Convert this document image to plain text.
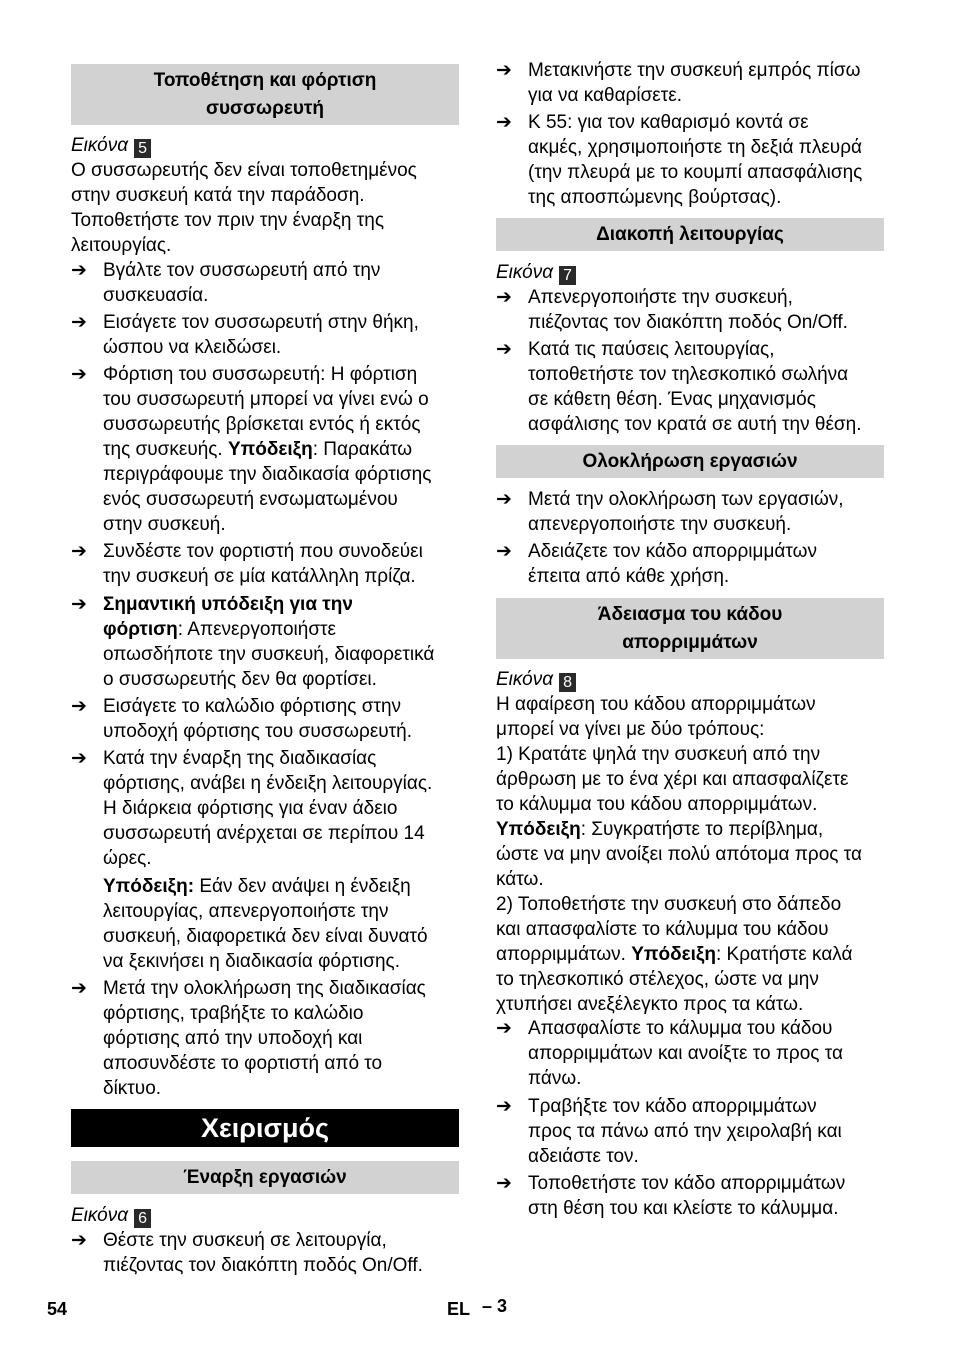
Τοποθέτηση και φόρτιση
συσσωρευτή
Εικόνα 5
Ο συσσωρευτής δεν είναι τοποθετημένος
στην συσκευή κατά την παράδοση.
Τοποθετήστε τον πριν την έναρξη της
λειτουργίας.
➔ Βγάλτε τον συσσωρευτή από την
συσκευασία.
➔ Εισάγετε τον συσσωρευτή στην θήκη,
ώσπου να κλειδώσει.
➔ Φόρτιση του συσσωρευτή: Η φόρτιση
του συσσωρευτή μπορεί να γίνει ενώ ο
συσσωρευτής βρίσκεται εντός ή εκτός
της συσκευής. Υπόδειξη: Παρακάτω
περιγράφουμε την διαδικασία φόρτισης
ενός συσσωρευτή ενσωματωμένου
στην συσκευή.
➔ Συνδέστε τον φορτιστή που συνοδεύει
την συσκευή σε μία κατάλληλη πρίζα.
➔ Σημαντική υπόδειξη για την
φόρτιση: Απενεργοποιήστε
οπωσδήποτε την συσκευή, διαφορετικά
ο συσσωρευτής δεν θα φορτίσει.
➔ Εισάγετε το καλώδιο φόρτισης στην
υποδοχή φόρτισης του συσσωρευτή.
➔ Κατά την έναρξη της διαδικασίας
φόρτισης, ανάβει η ένδειξη λειτουργίας.
Η διάρκεια φόρτισης για έναν άδειο
συσσωρευτή ανέρχεται σε περίπου 14
ώρες.
Υπόδειξη: Εάν δεν ανάψει η ένδειξη
λειτουργίας, απενεργοποιήστε την
συσκευή, διαφορετικά δεν είναι δυνατό
να ξεκινήσει η διαδικασία φόρτισης.
➔ Μετά την ολοκλήρωση της διαδικασίας
φόρτισης, τραβήξτε το καλώδιο
φόρτισης από την υποδοχή και
αποσυνδέστε το φορτιστή από το
δίκτυο.
Χειρισμός
Έναρξη εργασιών
Εικόνα 6
➔ Θέστε την συσκευή σε λειτουργία,
πιέζοντας τον διακόπτη ποδός On/Off.
➔ Μετακινήστε την συσκευή εμπρός πίσω
για να καθαρίσετε.
➔ K 55: για τον καθαρισμό κοντά σε
ακμές, χρησιμοποιήστε τη δεξιά πλευρά
(την πλευρά με το κουμπί απασφάλισης
της αποσπώμενης βούρτσας).
Διακοπή λειτουργίας
Εικόνα 7
➔ Απενεργοποιήστε την συσκευή,
πιέζοντας τον διακόπτη ποδός On/Off.
➔ Κατά τις παύσεις λειτουργίας,
τοποθετήστε τον τηλεσκοπικό σωλήνα
σε κάθετη θέση. Ένας μηχανισμός
ασφάλισης τον κρατά σε αυτή την θέση.
Ολοκλήρωση εργασιών
➔ Μετά την ολοκλήρωση των εργασιών,
απενεργοποιήστε την συσκευή.
➔ Αδειάζετε τον κάδο απορριμμάτων
έπειτα από κάθε χρήση.
Άδειασμα του κάδου
απορριμμάτων
Εικόνα 8
Η αφαίρεση του κάδου απορριμμάτων
μπορεί να γίνει με δύο τρόπους:
1) Κρατάτε ψηλά την συσκευή από την
άρθρωση με το ένα χέρι και απασφαλίζετε
το κάλυμμα του κάδου απορριμμάτων.
Υπόδειξη: Συγκρατήστε το περίβλημα,
ώστε να μην ανοίξει πολύ απότομα προς τα
κάτω.
2) Τοποθετήστε την συσκευή στο δάπεδο
και απασφαλίστε το κάλυμμα του κάδου
απορριμμάτων. Υπόδειξη: Κρατήστε καλά
το τηλεσκοπικό στέλεχος, ώστε να μην
χτυπήσει ανεξέλεγκτο προς τα κάτω.
➔ Απασφαλίστε το κάλυμμα του κάδου
απορριμμάτων και ανοίξτε το προς τα
πάνω.
➔ Τραβήξτε τον κάδο απορριμμάτων
προς τα πάνω από την χειρολαβή και
αδειάστε τον.
➔ Τοποθετήστε τον κάδο απορριμμάτων
στη θέση του και κλείστε το κάλυμμα.
54	EL – 3
